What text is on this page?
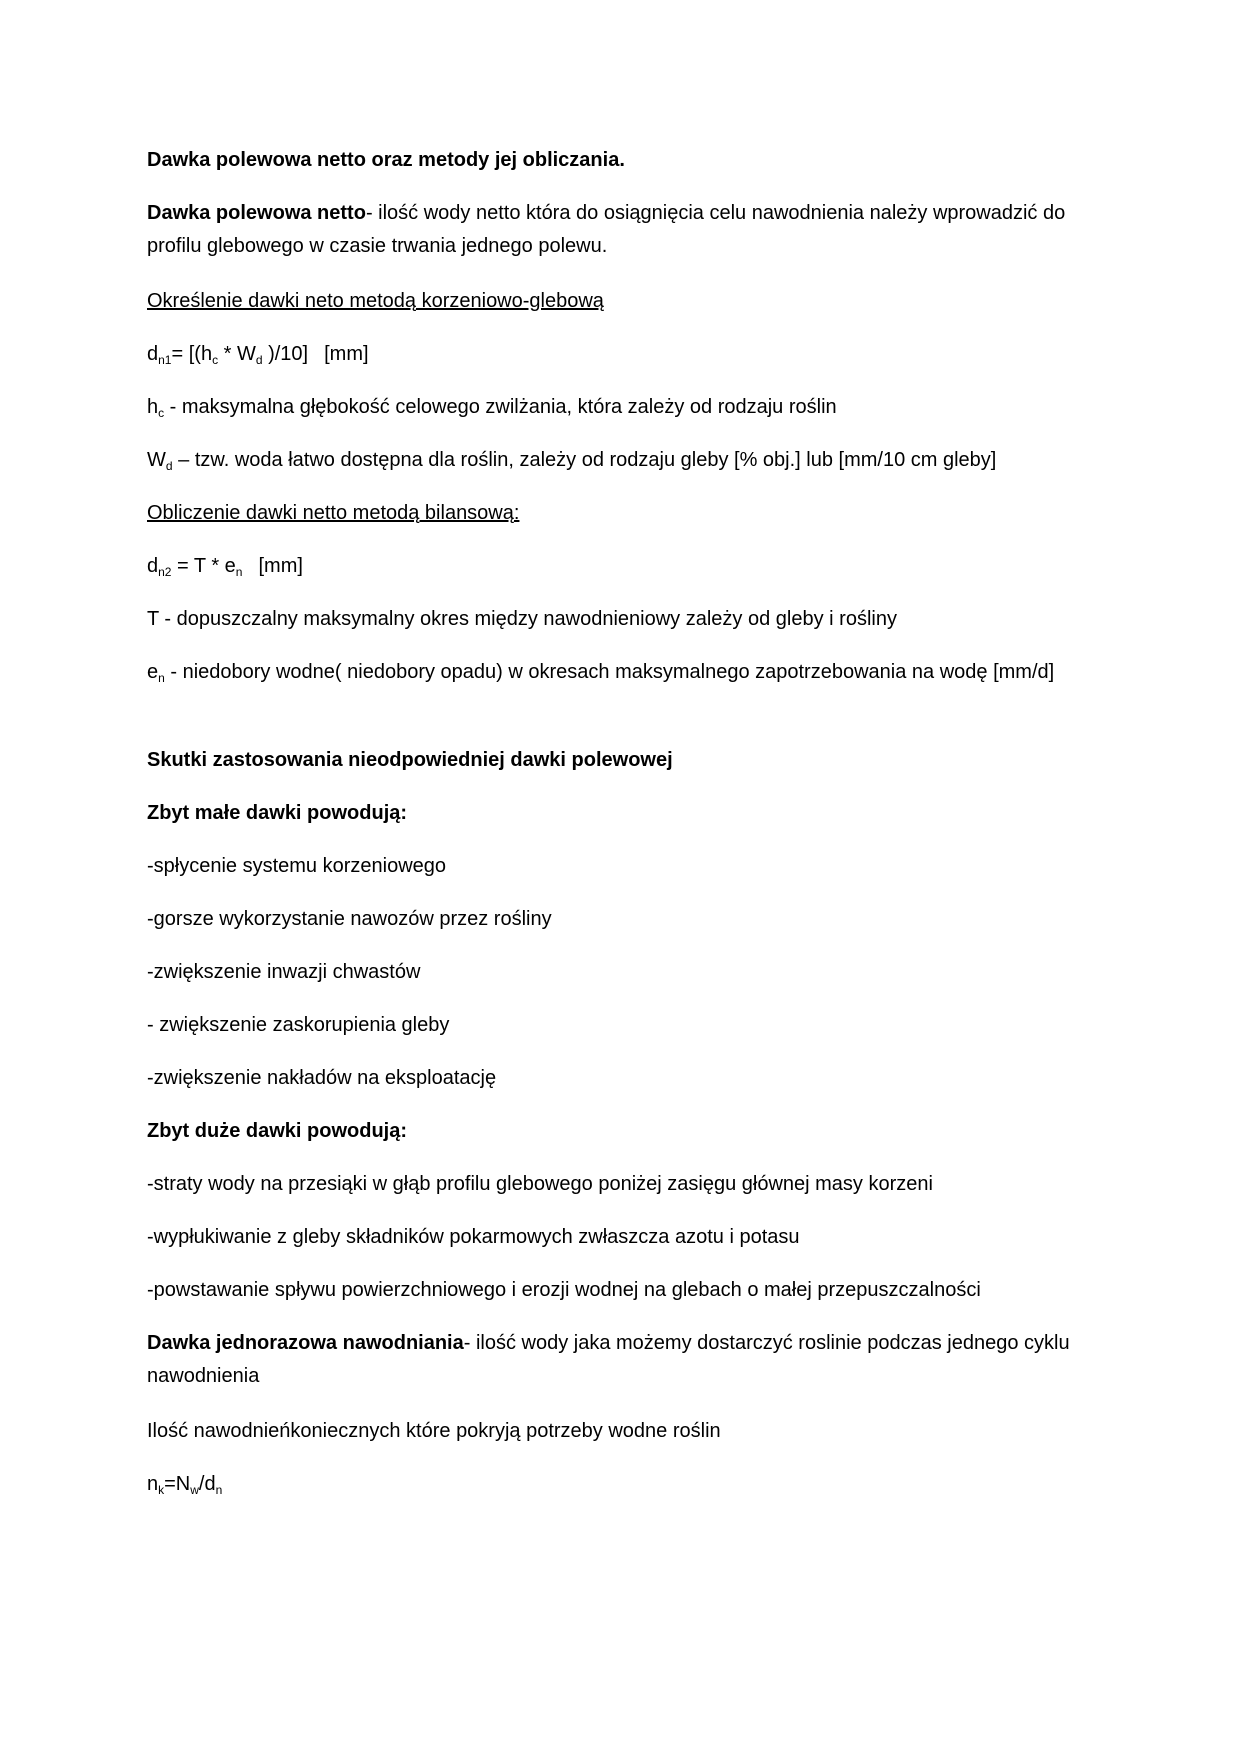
Dawka polewowa netto oraz metody jej obliczania.

Dawka polewowa netto- ilość wody netto która do osiągnięcia celu nawodnienia należy wprowadzić do profilu glebowego w czasie trwania jednego polewu.

Określenie dawki neto metodą korzeniowo-glebową

$d_{n1}= [(h_c * W_d$ )/10] [mm]

$h_c$ - maksymalna głębokość celowego zwilżania, która zależy od rodzaju roślin

$W_d$ – tzw. woda łatwo dostępna dla roślin, zależy od rodzaju gleby [% obj.] lub [mm/10 cm gleby]

Obliczenie dawki netto metodą bilansową:

$d_{n2} = T * e_n$ [mm]

T - dopuszczalny maksymalny okres między nawodnieniowy zależy od gleby i rośliny

$e_n$ - niedobory wodne( niedobory opadu) w okresach maksymalnego zapotrzebowania na wodę [mm/d]

Skutki zastosowania nieodpowiedniej dawki polewowej

Zbyt małe dawki powodują:

-spłycenie systemu korzeniowego

-gorsze wykorzystanie nawozów przez rośliny

-zwiększenie inwazji chwastów

- zwiększenie zaskorupienia gleby

-zwiększenie nakładów na eksploatację

Zbyt duże dawki powodują:

-straty wody na przesiąki w głąb profilu glebowego poniżej zasięgu głównej masy korzeni

-wypłukiwanie z gleby składników pokarmowych zwłaszcza azotu i potasu

-powstawanie spływu powierzchniowego i erozji wodnej na glebach o małej przepuszczalności

Dawka jednorazowa nawodniania- ilość wody jaka możemy dostarczyć roslinie podczas jednego cyklu nawodnienia

Ilość nawodnieńkoniecznych które pokryją potrzeby wodne roślin

$n_k=N_w/d_n$
